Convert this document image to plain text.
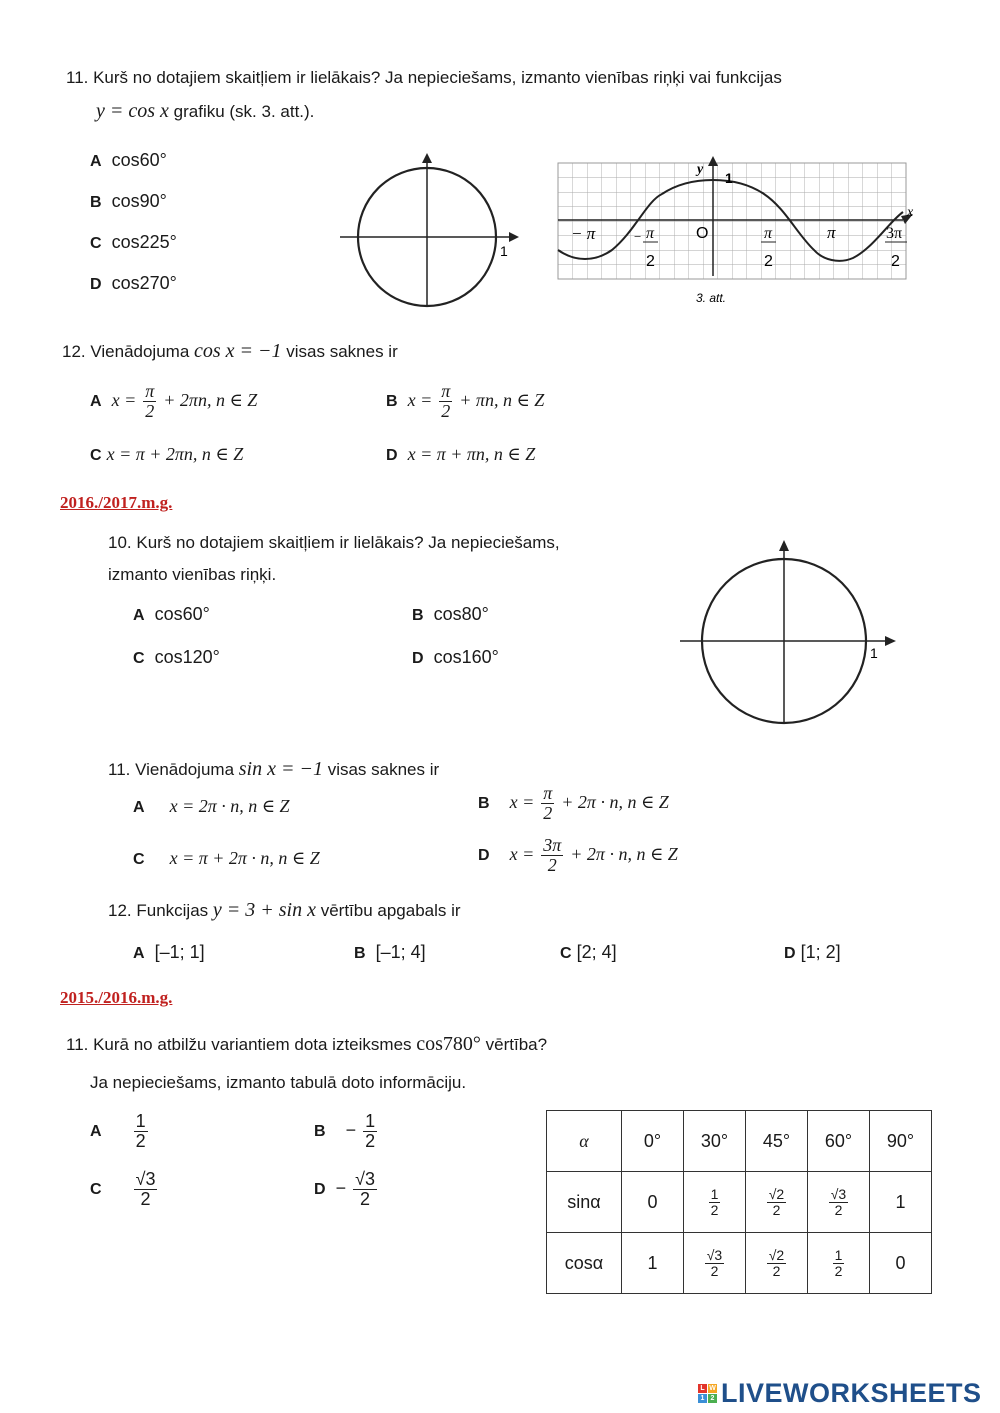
11. Kurš no dotajiem skaitļiem ir lielākais? Ja nepieciešams, izmanto vienības riņķi vai funkcijas
y = cos x grafiku (sk. 3. att.).
A cos60°
B cos90°
C cos225°
D cos270°
1
y
x
1
O
− π	− π
2
π
2
π	3π
2
3. att.
12. Vienādojuma cos x = −1 visas saknes ir
A $x = \frac{\pi}{2} + 2\pi n$, n ∈ Z	B $x = \frac{\pi}{2} + \pi n$, n ∈ Z
C x = π + 2πn, n ∈ Z	D x = π + πn, n ∈ Z
2016./2017.m.g.
10. Kurš no dotajiem skaitļiem ir lielākais? Ja nepieciešams,
izmanto vienības riņķi.
A cos60°	B cos80°
C cos120°	D cos160°	1
11. Vienādojuma sin x = −1 visas saknes ir
A x = 2π · n, n ∈ Z	B $x = \frac{\pi}{2} + 2\pi \cdot n$, n ∈ Z
C x = π + 2π · n, n ∈ Z	D $x = \frac{3\pi}{2} + 2\pi \cdot n$, n ∈ Z
12. Funkcijas y = 3 + sin x vērtību apgabals ir
A [–1; 1]	B [–1; 4]	C [2; 4]	D [1; 2]
2015./2016.m.g.
11. Kurā no atbilžu variantiem dota izteiksmes cos780° vērtība?
Ja nepieciešams, izmanto tabulā doto informāciju.
A $\frac{1}{2}$	$B - \frac{1}{2}$
C $\frac{√3}{2}$	$D - \frac{√3}{2}$
α	0°	30°	45°	60°	90°
sinα	0	$\frac{1}{2}$	$\frac{√2}{2}$	$\frac{√3}{2}$	1
cosα	1	$\frac{√3}{2}$	$\frac{√2}{2}$	$\frac{1}{2}$	0
L W
1 2 LIVEWORKSHEETS
